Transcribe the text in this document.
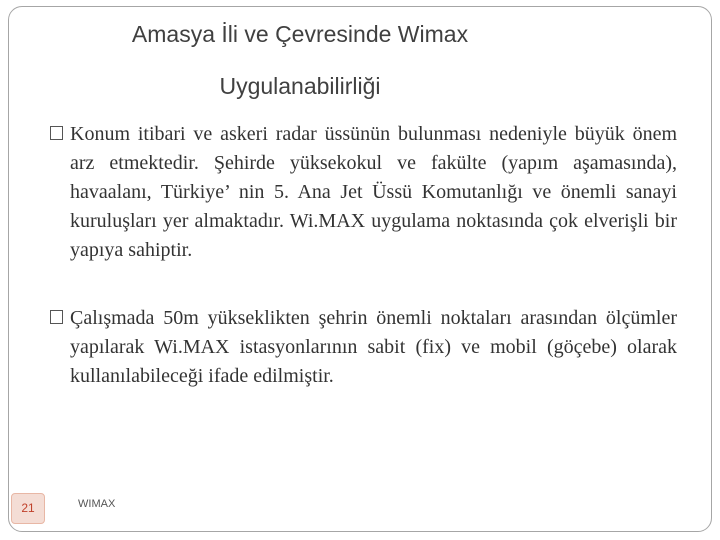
Amasya İli ve Çevresinde Wimax
Uygulanabilirliği
Konum itibari ve askeri radar üssünün bulunması nedeniyle büyük önem arz etmektedir. Şehirde yüksekokul ve fakülte (yapım aşamasında), havaalanı, Türkiye’ nin 5. Ana Jet Üssü Komutanlığı ve önemli sanayi kuruluşları yer almaktadır. Wi.MAX uygulama noktasında çok elverişli bir yapıya sahiptir.
Çalışmada 50m yükseklikten şehrin önemli noktaları arasından ölçümler yapılarak Wi.MAX istasyonlarının sabit (fix) ve mobil (göçebe) olarak kullanılabileceği ifade edilmiştir.
21	WIMAX
